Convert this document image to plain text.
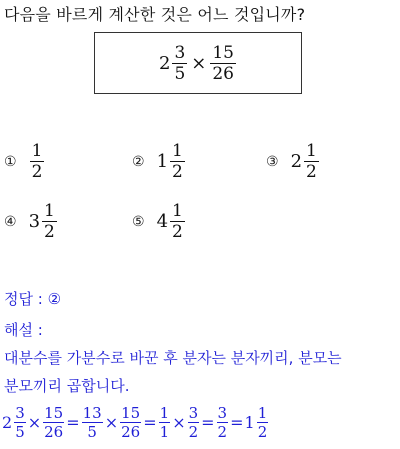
다음을 바르게 계산한 것은 어느 것입니까?
$2 \frac{3}{5} \times \frac{15}{26}$
① $\frac{1}{2}$	② $1 \frac{1}{2}$	③ $2 \frac{1}{2}$
④ $3 \frac{1}{2}$	⑤ $4 \frac{1}{2}$
정답 : ②
해설 :
대분수를 가분수로 바꾼 후 분자는 분자끼리, 분모는
분모끼리 곱합니다.
$2 \frac{3}{5} \times \frac{15}{26} = \frac{13}{5} \times \frac{15}{26} = \frac{1}{1} \times \frac{3}{2} = \frac{3}{2} = 1 \frac{1}{2}$
